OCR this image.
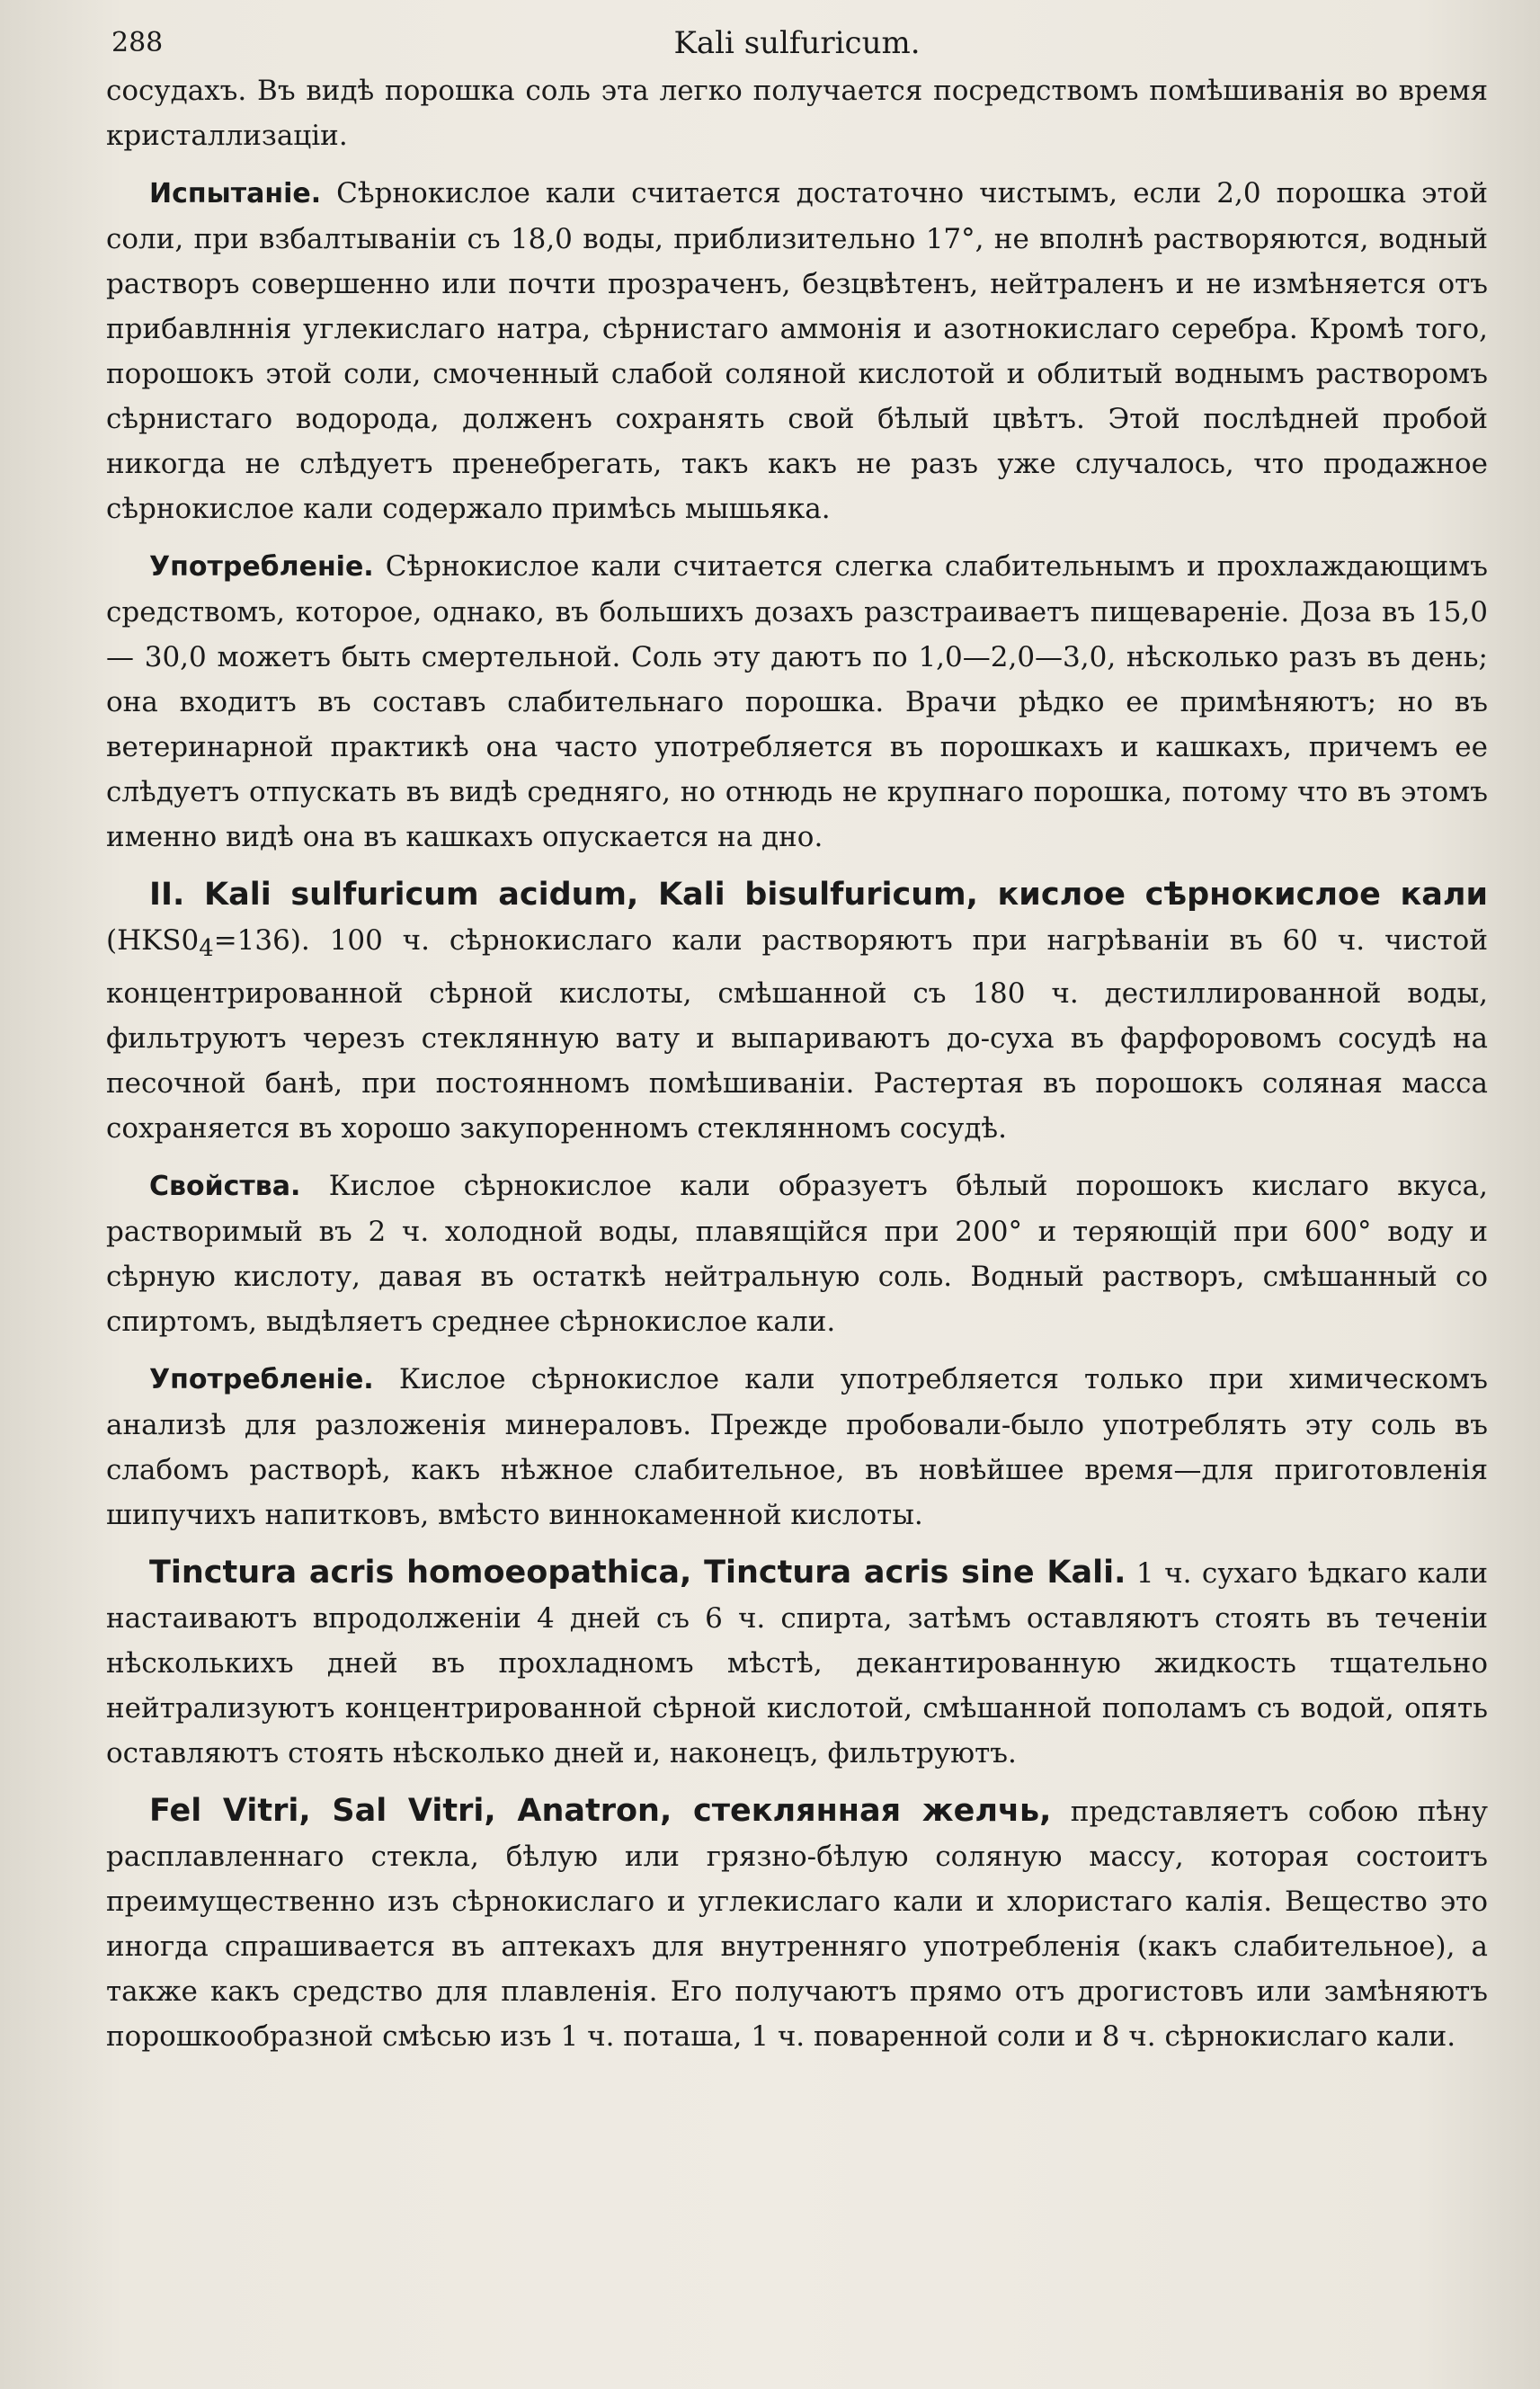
288	Kali sulfuricum.

сосудахъ. Въ видѣ порошка соль эта легко получается посредствомъ помѣшиванія во время кристаллизаціи.

Испытаніе. Сѣрнокислое кали считается достаточно чистымъ, если 2,0 порошка этой соли, при взбалтываніи съ 18,0 воды, приблизительно 17°, не вполнѣ растворяются, водный растворъ совершенно или почти прозраченъ, безцвѣтенъ, нейтраленъ и не измѣняется отъ прибавлннія углекислаго натра, сѣрнистаго аммонія и азотнокислаго серебра. Кромѣ того, порошокъ этой соли, смоченный слабой соляной кислотой и облитый воднымъ растворомъ сѣрнистаго водорода, долженъ сохранять свой бѣлый цвѣтъ. Этой послѣдней пробой никогда не слѣдуетъ пренебрегать, такъ какъ не разъ уже случалось, что продажное сѣрнокислое кали содержало примѣсь мышьяка.

Употребленіе. Сѣрнокислое кали считается слегка слабительнымъ и прохлаждающимъ средствомъ, которое, однако, въ большихъ дозахъ разстраиваетъ пищевареніе. Доза въ 15,0 — 30,0 можетъ быть смертельной. Соль эту даютъ по 1,0—2,0—3,0, нѣсколько разъ въ день; она входитъ въ составъ слабительнаго порошка. Врачи рѣдко ее примѣняютъ; но въ ветеринарной практикѣ она часто употребляется въ порошкахъ и кашкахъ, причемъ ее слѣдуетъ отпускать въ видѣ средняго, но отнюдь не крупнаго порошка, потому что въ этомъ именно видѣ она въ кашкахъ опускается на дно.

II. Kali sulfuricum acidum, Kali bisulfuricum, кислое сѣрнокислое кали $(HKS0_4=136)$. 100 ч. сѣрнокислаго кали растворяютъ при нагрѣваніи въ 60 ч. чистой концентрированной сѣрной кислоты, смѣшанной съ 180 ч. дестиллированной воды, фильтруютъ черезъ стеклянную вату и выпариваютъ до-суха въ фарфоровомъ сосудѣ на песочной банѣ, при постоянномъ помѣшиваніи. Растертая въ порошокъ соляная масса сохраняется въ хорошо закупоренномъ стеклянномъ сосудѣ.

Свойства. Кислое сѣрнокислое кали образуетъ бѣлый порошокъ кислаго вкуса, растворимый въ 2 ч. холодной воды, плавящійся при 200° и теряющій при 600° воду и сѣрную кислоту, давая въ остаткѣ нейтральную соль. Водный растворъ, смѣшанный со спиртомъ, выдѣляетъ среднее сѣрнокислое кали.

Употребленіе. Кислое сѣрнокислое кали употребляется только при химическомъ анализѣ для разложенія минераловъ. Прежде пробовали-было употреблять эту соль въ слабомъ растворѣ, какъ нѣжное слабительное, въ новѣйшее время—для приготовленія шипучихъ напитковъ, вмѣсто виннокаменной кислоты.

Tinctura acris homoeopathica, Tinctura acris sine Kali. 1 ч. сухаго ѣдкаго кали настаиваютъ впродолженіи 4 дней съ 6 ч. спирта, затѣмъ оставляютъ стоять въ теченіи нѣсколькихъ дней въ прохладномъ мѣстѣ, декантированную жидкость тщательно нейтрализуютъ концентрированной сѣрной кислотой, смѣшанной пополамъ съ водой, опять оставляютъ стоять нѣсколько дней и, наконецъ, фильтруютъ.

Fel Vitri, Sal Vitri, Anatron, стеклянная желчь, представляетъ собою пѣну расплавленнаго стекла, бѣлую или грязно-бѣлую соляную массу, которая состоитъ преимущественно изъ сѣрнокислаго и углекислаго кали и хлористаго калія. Вещество это иногда спрашивается въ аптекахъ для внутренняго употребленія (какъ слабительное), а также какъ средство для плавленія. Его получаютъ прямо отъ дрогистовъ или замѣняютъ порошкообразной смѣсью изъ 1 ч. поташа, 1 ч. поваренной соли и 8 ч. сѣрнокислаго кали.
